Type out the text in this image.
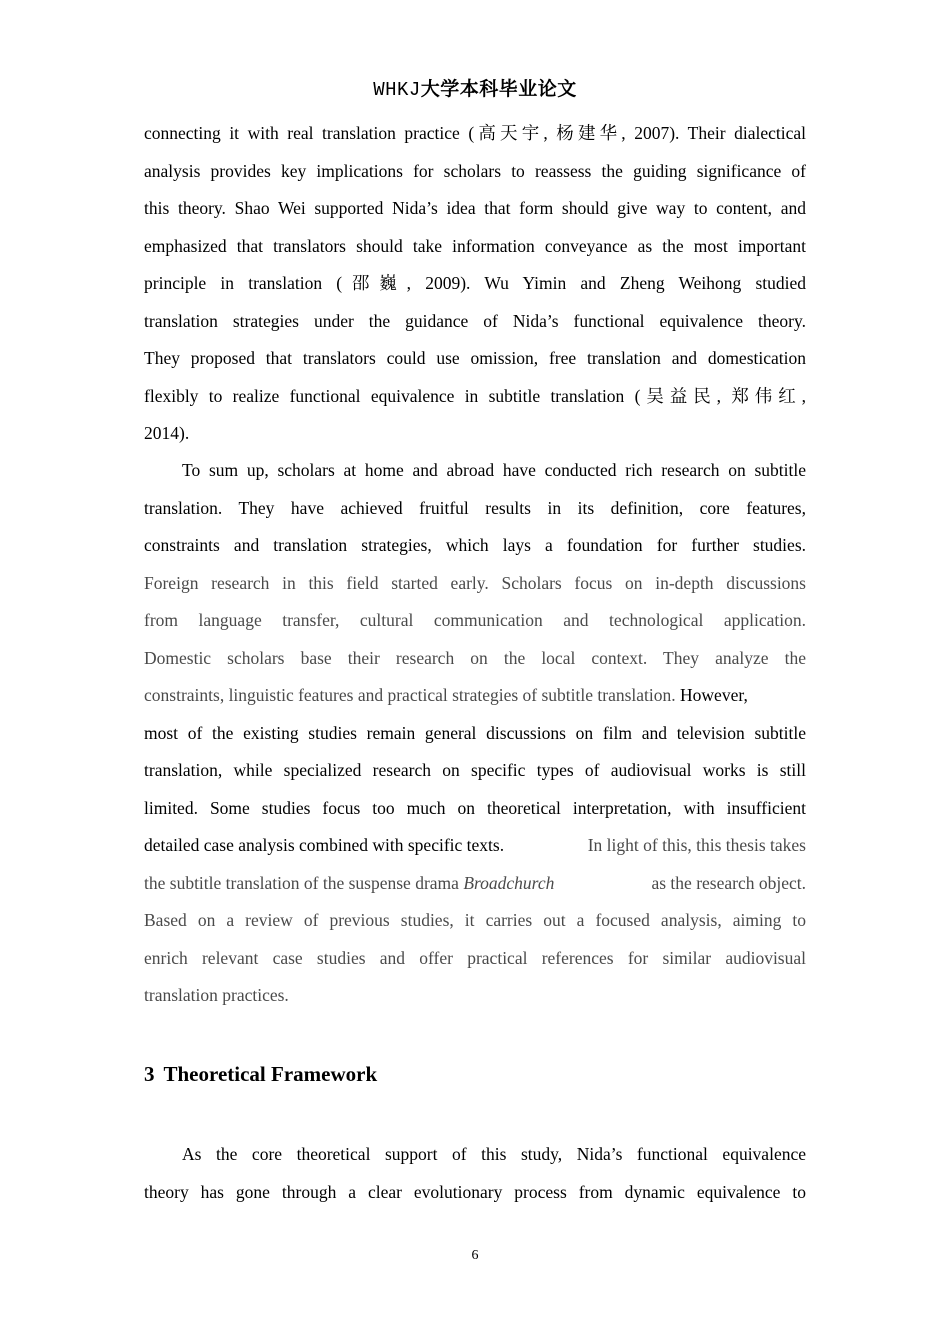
WHKJ大学本科毕业论文
connecting it with real translation practice (高天宇, 杨建华, 2007). Their dialectical
analysis provides key implications for scholars to reassess the guiding significance of
this theory. Shao Wei supported Nida’s idea that form should give way to content, and
emphasized that translators should take information conveyance as the most important
principle in translation (邵巍, 2009). Wu Yimin and Zheng Weihong studied
translation strategies under the guidance of Nida’s functional equivalence theory.
They proposed that translators could use omission, free translation and domestication
flexibly to realize functional equivalence in subtitle translation (吴益民, 郑伟红,
2014).
To sum up, scholars at home and abroad have conducted rich research on subtitle
translation. They have achieved fruitful results in its definition, core features,
constraints and translation strategies, which lays a foundation for further studies.
Foreign research in this field started early. Scholars focus on in-depth discussions
from language transfer, cultural communication and technological application.
Domestic scholars base their research on the local context. They analyze the
constraints, linguistic features and practical strategies of subtitle translation. However,
most of the existing studies remain general discussions on film and television subtitle
translation, while specialized research on specific types of audiovisual works is still
limited. Some studies focus too much on theoretical interpretation, with insufficient
detailed case analysis combined with specific texts.	In light of this, this thesis takes
the subtitle translation of the suspense drama Broadchurch	as the research object.
Based on a review of previous studies, it carries out a focused analysis, aiming to
enrich relevant case studies and offer practical references for similar audiovisual
translation practices.
3 Theoretical Framework
As the core theoretical support of this study, Nida’s functional equivalence
theory has gone through a clear evolutionary process from dynamic equivalence to
6
